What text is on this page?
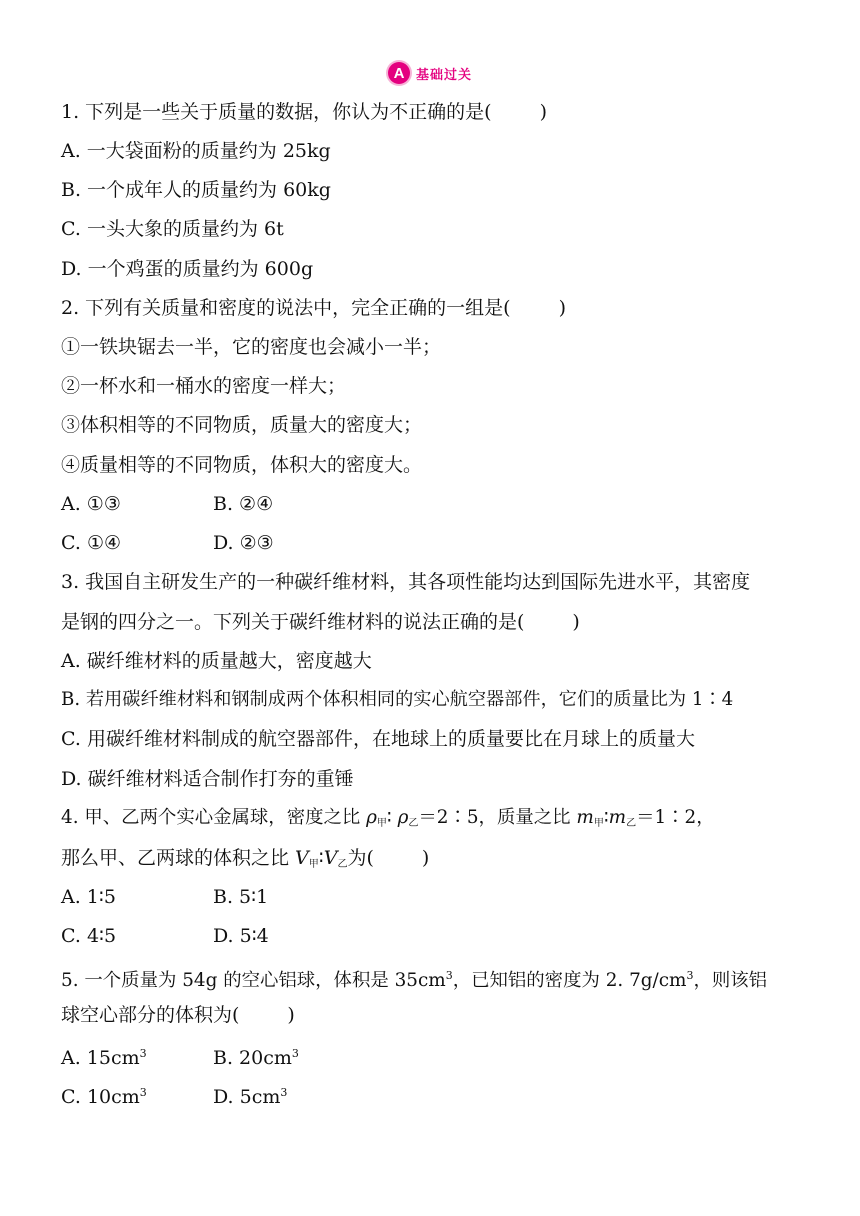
A 基础过关
1. 下列是一些关于质量的数据，你认为不正确的是(	)
A. 一大袋面粉的质量约为 25kg
B. 一个成年人的质量约为 60kg
C. 一头大象的质量约为 6t
D. 一个鸡蛋的质量约为 600g
2. 下列有关质量和密度的说法中，完全正确的一组是(	)
①一铁块锯去一半，它的密度也会减小一半；
②一杯水和一桶水的密度一样大；
③体积相等的不同物质，质量大的密度大；
④质量相等的不同物质，体积大的密度大。
A. ①③	B. ②④
C. ①④	D. ②③
3. 我国自主研发生产的一种碳纤维材料，其各项性能均达到国际先进水平，其密度
是钢的四分之一。下列关于碳纤维材料的说法正确的是(	)
A. 碳纤维材料的质量越大，密度越大
B. 若用碳纤维材料和钢制成两个体积相同的实心航空器部件，它们的质量比为 1∶4
C. 用碳纤维材料制成的航空器部件，在地球上的质量要比在月球上的质量大
D. 碳纤维材料适合制作打夯的重锤
4. 甲、乙两个实心金属球，密度之比 $\rho_甲∶$ $\rho_乙=2∶5$，质量之比 $m_甲∶m_乙=1∶2$，
那么甲、乙两球的体积之比 $V_甲∶V_乙$为(	)
A. 1∶5	B. 5∶1
C. 4∶5	D. 5∶4
5. 一个质量为 54g 的空心铝球，体积是 $35cm^3$，已知铝的密度为 2. $7g/cm^3$，则该铝
球空心部分的体积为(	)
A. $15cm^3$	B. $20cm^3$
C. $10cm^3$	D. $5cm^3$
